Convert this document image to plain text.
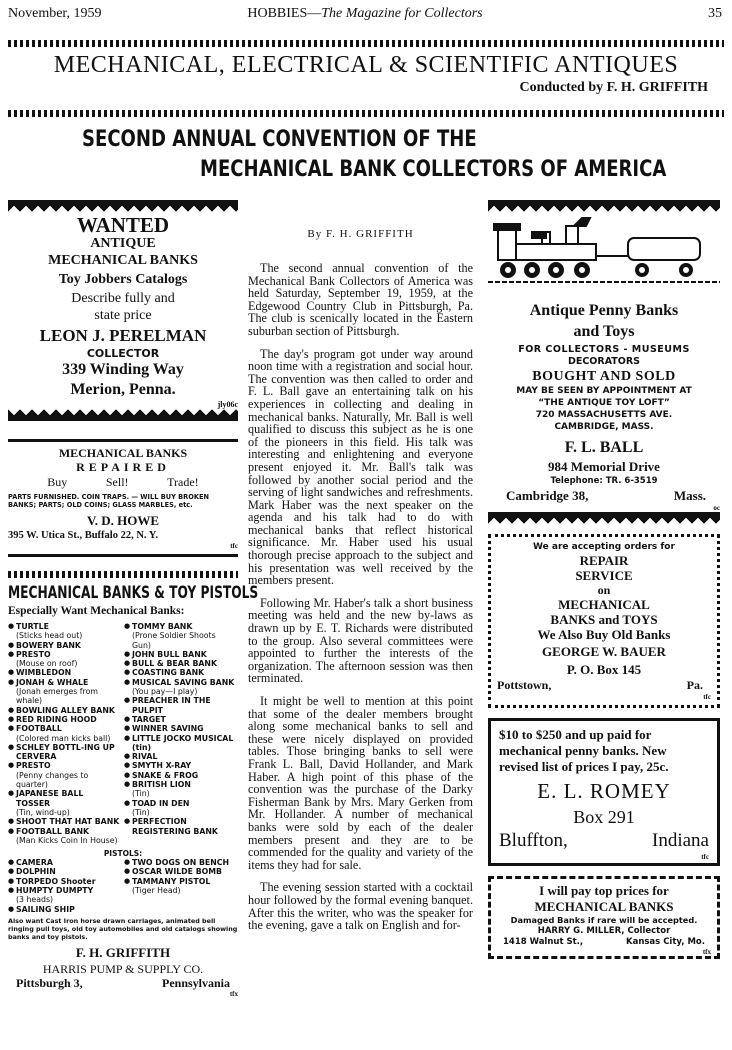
November, 1959	HOBBIES—The Magazine for Collectors	35
MECHANICAL, ELECTRICAL & SCIENTIFIC ANTIQUES
Conducted by F. H. GRIFFITH
SECOND ANNUAL CONVENTION OF THE
MECHANICAL BANK COLLECTORS OF AMERICA
WANTED
ANTIQUE
MECHANICAL BANKS
Toy Jobbers Catalogs
Describe fully and
state price
LEON J. PERELMAN
COLLECTOR
339 Winding Way
Merion, Penna.
jly06c
MECHANICAL BANKS
REPAIRED
Buy	Sell!	Trade!
PARTS FURNISHED. COIN TRAPS. — WILL BUY BROKEN BANKS; PARTS; OLD COINS; GLASS MARBLES, etc.
V. D. HOWE
395 W. Utica St., Buffalo 22, N. Y.
tfc
MECHANICAL BANKS & TOY PISTOLS
Especially Want Mechanical Banks:
● TURTLE
(Sticks head out)
● BOWERY BANK
● PRESTO
(Mouse on roof)
● WIMBLEDON
● JONAH & WHALE
(Jonah emerges from whale)
● BOWLING ALLEY BANK
● RED RIDING HOOD
● FOOTBALL
(Colored man kicks ball)
● SCHLEY BOTTL-ING UP CERVERA
● PRESTO
(Penny changes to quarter)
● JAPANESE BALL TOSSER
(Tin, wind-up)
● SHOOT THAT HAT BANK
● FOOTBALL BANK
(Man Kicks Coin In House)
● TOMMY BANK
(Prone Soldier Shoots Gun)
● JOHN BULL BANK
● BULL & BEAR BANK
● COASTING BANK
● MUSICAL SAVING BANK
(You pay—I play)
● PREACHER IN THE PULPIT
● TARGET
● WINNER SAVING
● LITTLE JOCKO MUSICAL (tin)
● RIVAL
● SMYTH X-RAY
● SNAKE & FROG
● BRITISH LION
(Tin)
● TOAD IN DEN
(Tin)
● PERFECTION REGISTERING BANK
PISTOLS:
● CAMERA
● DOLPHIN
● TORPEDO Shooter
● HUMPTY DUMPTY
(3 heads)
● SAILING SHIP
● TWO DOGS ON BENCH
● OSCAR WILDE BOMB
● TAMMANY PISTOL
(Tiger Head)
Also want Cast Iron horse drawn carriages, animated bell ringing pull toys, old toy automobiles and old catalogs showing banks and toy pistols.
F. H. GRIFFITH
HARRIS PUMP & SUPPLY CO.
Pittsburgh 3,	Pennsylvania
tfx
By F. H. GRIFFITH

The second annual convention of the Mechanical Bank Collectors of America was held Saturday, September 19, 1959, at the Edgewood Country Club in Pittsburgh, Pa. The club is scenically located in the Eastern suburban section of Pittsburgh.

The day's program got under way around noon time with a registration and social hour. The convention was then called to order and F. L. Ball gave an entertaining talk on his experiences in collecting and dealing in mechanical banks. Naturally, Mr. Ball is well qualified to discuss this subject as he is one of the pioneers in this field. His talk was interesting and enlightening and everyone present enjoyed it. Mr. Ball's talk was followed by another social period and the serving of light sandwiches and refreshments. Mark Haber was the next speaker on the agenda and his talk had to do with mechanical banks that reflect historical significance. Mr. Haber used his usual thorough precise approach to the subject and his presentation was well received by the members present.

Following Mr. Haber's talk a short business meeting was held and the new by-laws as drawn up by E. T. Richards were distributed to the group. Also several committees were appointed to further the interests of the organization. The afternoon session was then terminated.

It might be well to mention at this point that some of the dealer members brought along some mechanical banks to sell and these were nicely displayed on provided tables. Those bringing banks to sell were Frank L. Ball, David Hollander, and Mark Haber. A high point of this phase of the convention was the purchase of the Darky Fisherman Bank by Mrs. Mary Gerken from Mr. Hollander. A number of mechanical banks were sold by each of the dealer members present and they are to be commended for the quality and variety of the items they had for sale.

The evening session started with a cocktail hour followed by the formal evening banquet. After this the writer, who was the speaker for the evening, gave a talk on English and for-

Antique Penny Banks
and Toys
FOR COLLECTORS - MUSEUMS
DECORATORS
BOUGHT AND SOLD
MAY BE SEEN BY APPOINTMENT AT
“THE ANTIQUE TOY LOFT”
720 MASSACHUSETTS AVE.
CAMBRIDGE, MASS.
F. L. BALL
984 Memorial Drive
Telephone: TR. 6-3519
Cambridge 38,	Mass.
oc
We are accepting orders for
REPAIR
SERVICE
on
MECHANICAL
BANKS and TOYS
We Also Buy Old Banks
GEORGE W. BAUER
P. O. Box 145
Pottstown,	Pa.
tfc
$10 to $250 and up paid for mechanical penny banks. New revised list of prices I pay, 25c.
E. L. ROMEY
Box 291
Bluffton,	Indiana
tfc
I will pay top prices for
MECHANICAL BANKS
Damaged Banks if rare will be accepted.
HARRY G. MILLER, Collector
1418 Walnut St.,	Kansas City, Mo.
tfx
